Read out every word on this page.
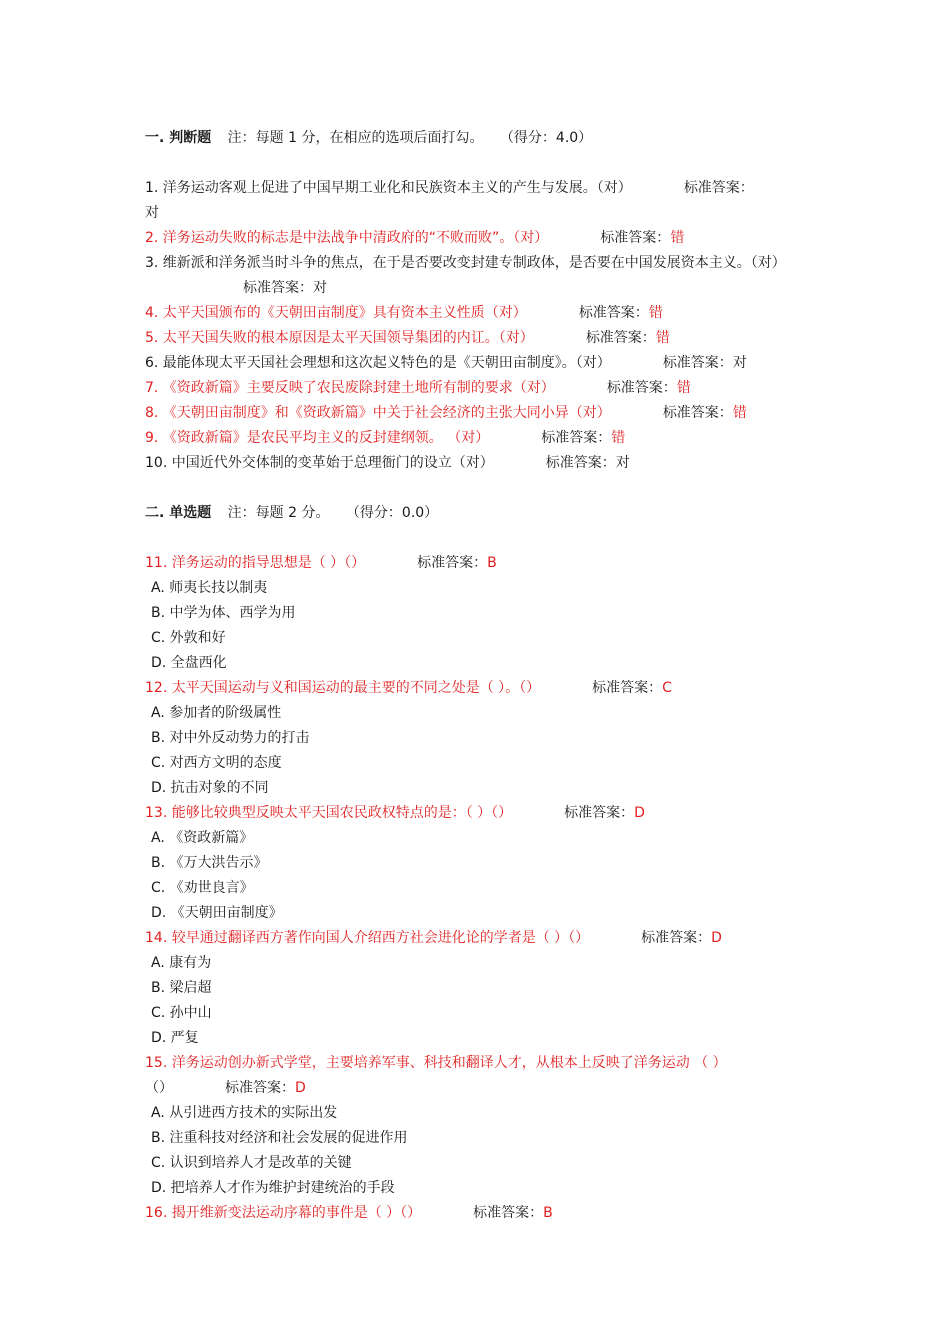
一. 判断题 注：每题 1 分，在相应的选项后面打勾。 （得分：4.0）
1. 洋务运动客观上促进了中国早期工业化和民族资本主义的产生与发展。（对）	标准答案：
对
2. 洋务运动失败的标志是中法战争中清政府的“不败而败”。（对）	标准答案：错
3. 维新派和洋务派当时斗争的焦点，在于是否要改变封建专制政体，是否要在中国发展资本主义。（对）
标准答案：对
4. 太平天国颁布的《天朝田亩制度》具有资本主义性质（对）	标准答案：错
5. 太平天国失败的根本原因是太平天国领导集团的内讧。（对）	标准答案：错
6. 最能体现太平天国社会理想和这次起义特色的是《天朝田亩制度》。（对）	标准答案：对
7. 《资政新篇》主要反映了农民废除封建土地所有制的要求（对）	标准答案：错
8. 《天朝田亩制度》和《资政新篇》中关于社会经济的主张大同小异（对）	标准答案：错
9. 《资政新篇》是农民平均主义的反封建纲领。 （对）	标准答案：错
10. 中国近代外交体制的变革始于总理衙门的设立（对）	标准答案：对
二. 单选题 注：每题 2 分。 （得分：0.0）
11. 洋务运动的指导思想是（ ）（）	标准答案：B
A. 师夷长技以制夷
B. 中学为体、西学为用
C. 外敦和好
D. 全盘西化
12. 太平天国运动与义和国运动的最主要的不同之处是（ ）。（）	标准答案：C
A. 参加者的阶级属性
B. 对中外反动势力的打击
C. 对西方文明的态度
D. 抗击对象的不同
13. 能够比较典型反映太平天国农民政权特点的是：（ ）（）	标准答案：D
A. 《资政新篇》
B. 《万大洪告示》
C. 《劝世良言》
D. 《天朝田亩制度》
14. 较早通过翻译西方著作向国人介绍西方社会进化论的学者是（ ）（）	标准答案：D
A. 康有为
B. 梁启超
C. 孙中山
D. 严复
15. 洋务运动创办新式学堂，主要培养军事、科技和翻译人才，从根本上反映了洋务运动 （ ）
（）	标准答案：D
A. 从引进西方技术的实际出发
B. 注重科技对经济和社会发展的促进作用
C. 认识到培养人才是改革的关键
D. 把培养人才作为维护封建统治的手段
16. 揭开维新变法运动序幕的事件是（ ）（）	标准答案：B
